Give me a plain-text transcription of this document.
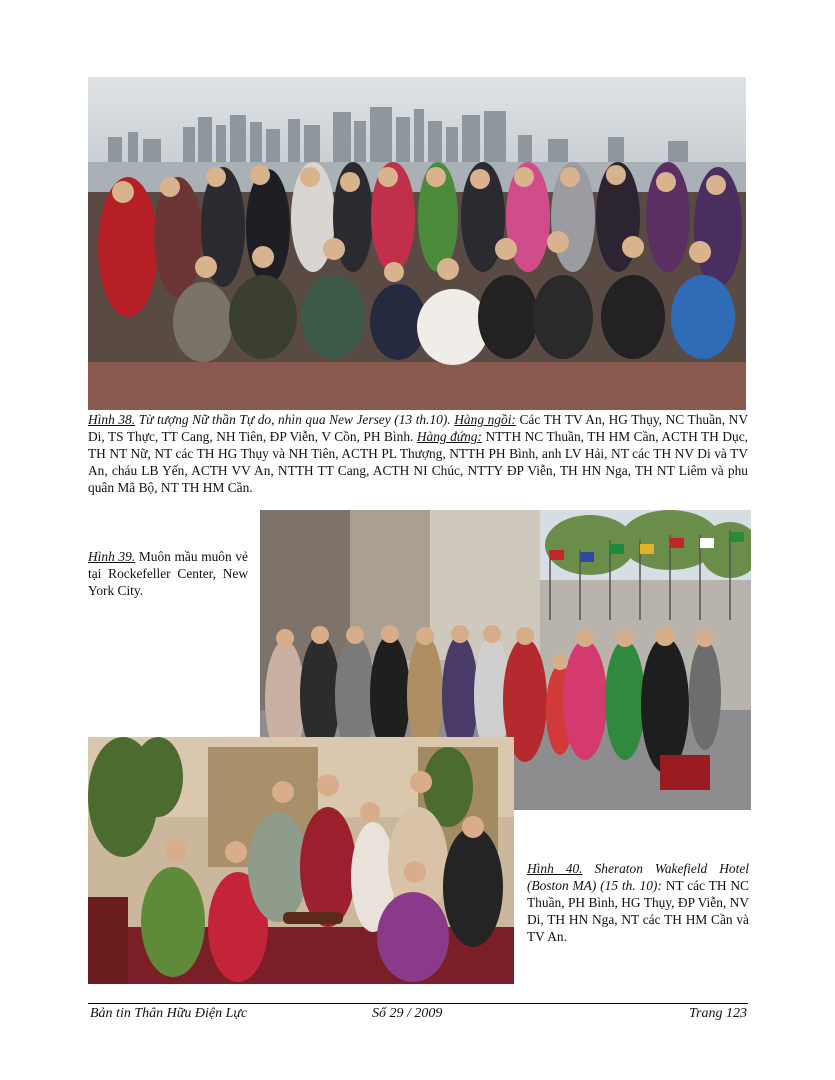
Hình 38. Từ tượng Nữ thần Tự do, nhìn qua New Jersey (13 th.10). Hàng ngồi: Các TH TV An, HG Thụy, NC Thuần, NV Di, TS Thực, TT Cang, NH Tiên, ĐP Viễn, V Cồn, PH Bình. Hàng đứng: NTTH NC Thuần, TH HM Cần, ACTH TH Dục, TH NT Nữ, NT các TH HG Thụy và NH Tiên, ACTH PL Thượng, NTTH PH Bình, anh LV Hải, NT các TH NV Di và TV An, cháu LB Yến, ACTH VV An, NTTH TT Cang, ACTH NI Chúc, NTTY ĐP Viễn, TH HN Nga, TH NT Liêm và phu quân Mã Bộ, NT TH HM Cần.
Hình 39. Muôn mầu muôn vẻ tại Rockefeller Center, New York City.
Hình 40. Sheraton Wakefield Hotel (Boston MA) (15 th. 10): NT các TH NC Thuần, PH Bình, HG Thụy, ĐP Viễn, NV Di, TH HN Nga, NT các TH HM Cần và TV An.
Bản tin Thân Hữu Điện Lực	Số 29 / 2009	Trang 123
